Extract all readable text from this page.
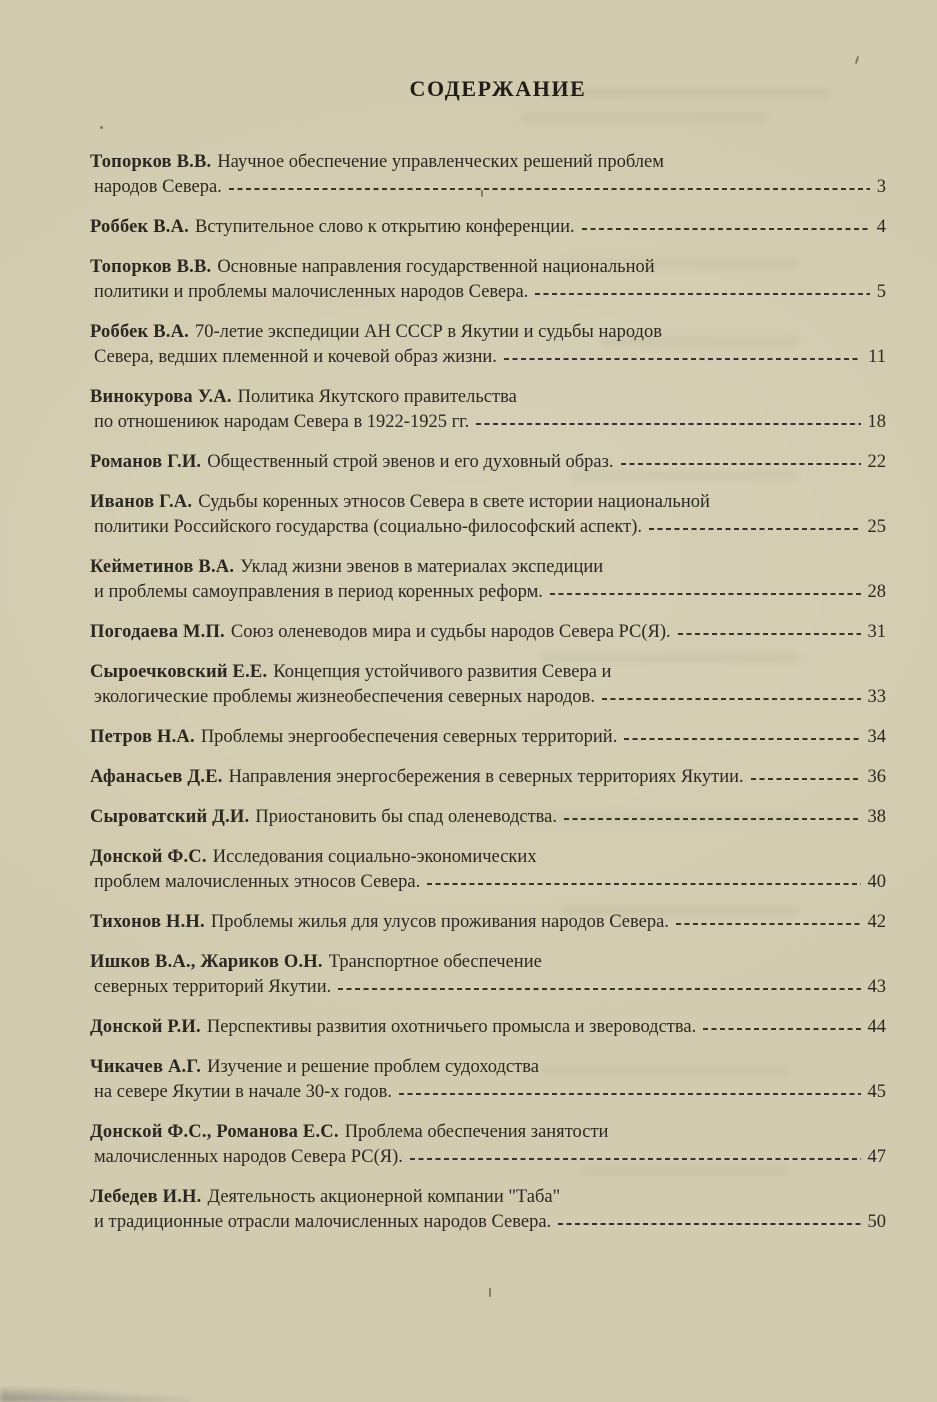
СОДЕРЖАНИЕ
Топорков В.В. Научное обеспечение управленческих решений проблем
народов Севера.	3
Роббек В.А. Вступительное слово к открытию конференции.	4
Топорков В.В. Основные направления государственной национальной
политики и проблемы малочисленных народов Севера.	5
Роббек В.А. 70-летие экспедиции АН СССР в Якутии и судьбы народов
Севера, ведших племенной и кочевой образ жизни.	11
Винокурова У.А. Политика Якутского правительства
по отношениюк народам Севера в 1922-1925 гг.	18
Романов Г.И. Общественный строй эвенов и его духовный образ.	22
Иванов Г.А. Судьбы коренных этносов Севера в свете истории национальной
политики Российского государства (социально-философский аспект).	25
Кейметинов В.А. Уклад жизни эвенов в материалах экспедиции
и проблемы самоуправления в период коренных реформ.	28
Погодаева М.П. Союз оленеводов мира и судьбы народов Севера РС(Я).	31
Сыроечковский Е.Е. Концепция устойчивого развития Севера и
экологические проблемы жизнеобеспечения северных народов.	33
Петров Н.А. Проблемы энергообеспечения северных территорий.	34
Афанасьев Д.Е. Направления энергосбережения в северных территориях Якутии.	36
Сыроватский Д.И. Приостановить бы спад оленеводства.	38
Донской Ф.С. Исследования социально-экономических
проблем малочисленных этносов Севера.	40
Тихонов Н.Н. Проблемы жилья для улусов проживания народов Севера.	42
Ишков В.А., Жариков О.Н. Транспортное обеспечение
северных территорий Якутии.	43
Донской Р.И. Перспективы развития охотничьего промысла и звероводства.	44
Чикачев А.Г. Изучение и решение проблем судоходства
на севере Якутии в начале 30-х годов.	45
Донской Ф.С., Романова Е.С. Проблема обеспечения занятости
малочисленных народов Севера РС(Я).	47
Лебедев И.Н. Деятельность акционерной компании "Таба"
и традиционные отрасли малочисленных народов Севера.	50
